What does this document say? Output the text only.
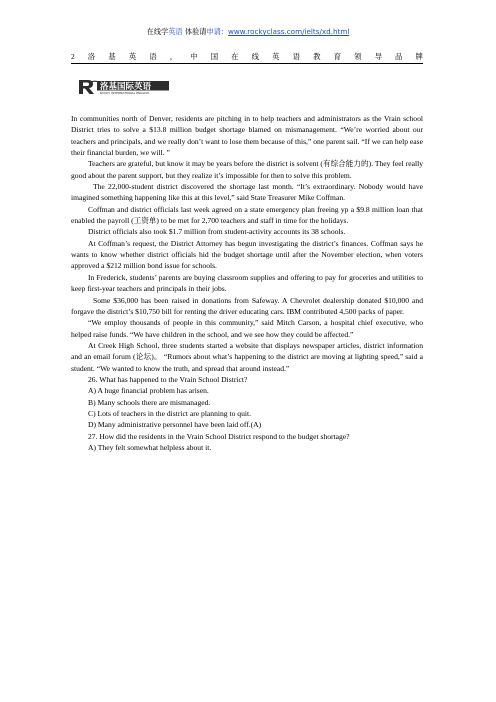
在线学英语 体验请申请：www.rockyclass.com/ielts/xd.html
2 洛 基 英 语 ， 中 国 在 线 英 语 教 育 领 导 品 牌
洛基国际英语
ROCKY INTERNATIONAL ENGLISH

In communities north of Denver, residents are pitching in to help teachers and administrators as the Vrain school District tries to solve a $13.8 million budget shortage blamed on mismanagement. “We’re worried about our teachers and principals, and we really don’t want to lose them because of this,” one parent sail. “If we can help ease their financial burden, we will. ”

Teachers are grateful, but know it may be years before the district is solvent (有综合能力的). They feel really good about the parent support, but they realize it’s impossible for then to solve this problem.

The 22,000-student district discovered the shortage last month. “It’s extraordinary. Nobody would have imagined something happening like this at this level,” said State Treasurer Mike Coffman.

Coffman and district officials last week agreed on a state emergency plan freeing yp a $9.8 million loan that enabled the payroll (工资单) to be met for 2,700 teachers and staff in time for the holidays.

District officials also took $1.7 million from student-activity accounts its 38 schools.

At Coffman’s request, the District Attorney has begun investigating the district’s finances. Coffman says he wants to know whether district officials hid the budget shortage until after the November election, when voters approved a $212 million bond issue for schools.

In Frederick, students’ parents are buying classroom supplies and offering to pay for groceries and utilities to keep first-year teachers and principals in their jobs.

Some $36,000 has been raised in donations from Safeway. A Chevrolet dealership donated $10,000 and forgave the district’s $10,750 bill for renting the driver educating cars. IBM contributed 4,500 packs of paper.

“We employ thousands of people in this community,” said Mitch Carson, a hospital chief executive, who helped raise funds. “We have children in the school, and we see how they could be affected.”

At Creek High School, three students started a website that displays newspaper articles, district information and an email forum (论坛)。 “Rumors about what’s happening to the district are moving at lighting speed,” said a student. “We wanted to know the truth, and spread that around instead.”

26. What has happened to the Vrain School District?

A) A huge financial problem has arisen.

B) Many schools there are mismanaged.

C) Lots of teachers in the district are planning to quit.

D) Many administrative personnel have been laid off.(A)

27. How did the residents in the Vrain School District respond to the budget shortage?

A) They felt somewhat helpless about it.
